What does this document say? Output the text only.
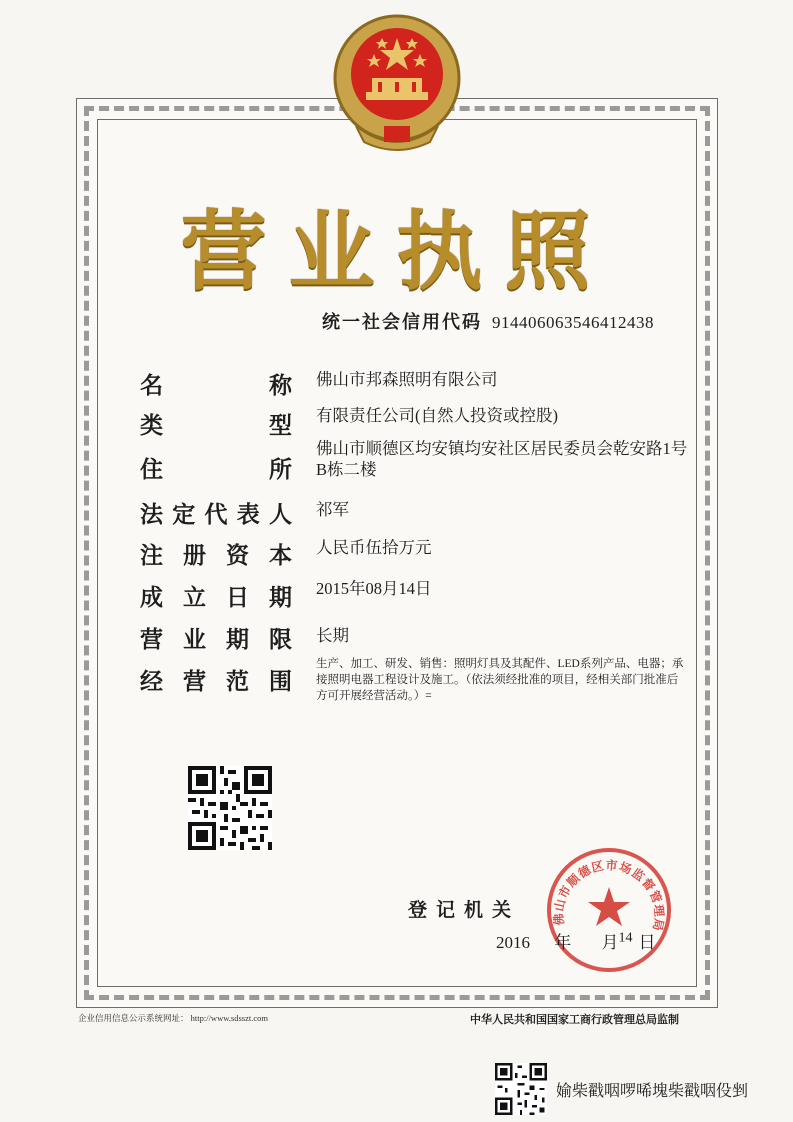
营业执照
统一社会信用代码 914406063546412438
名	称 佛山市邦森照明有限公司
类	型 有限责任公司(自然人投资或控股)
住	所
佛山市顺德区均安镇均安社区居民委员会乾安路1号B栋二楼
法 定 代 表 人 祁军
注 册 资 本 人民币伍拾万元
成 立 日 期 2015年08月14日
营 业 期 限 长期
经 营 范 围
生产、加工、研发、销售：照明灯具及其配件、LED系列产品、电器；承接照明电器工程设计及施工。（依法须经批准的项目，经相关部门批准后方可开展经营活动。）=
登记机关	佛山市顺德区市场监督管理局
2016 年 月$^{14}$ 日
企业信用信息公示系统网址： http://www.sdsszt.com	中华人民共和国国家工商行政管理总局监制
媮柴戳咽啰唏塊柴戳咽伇剉
